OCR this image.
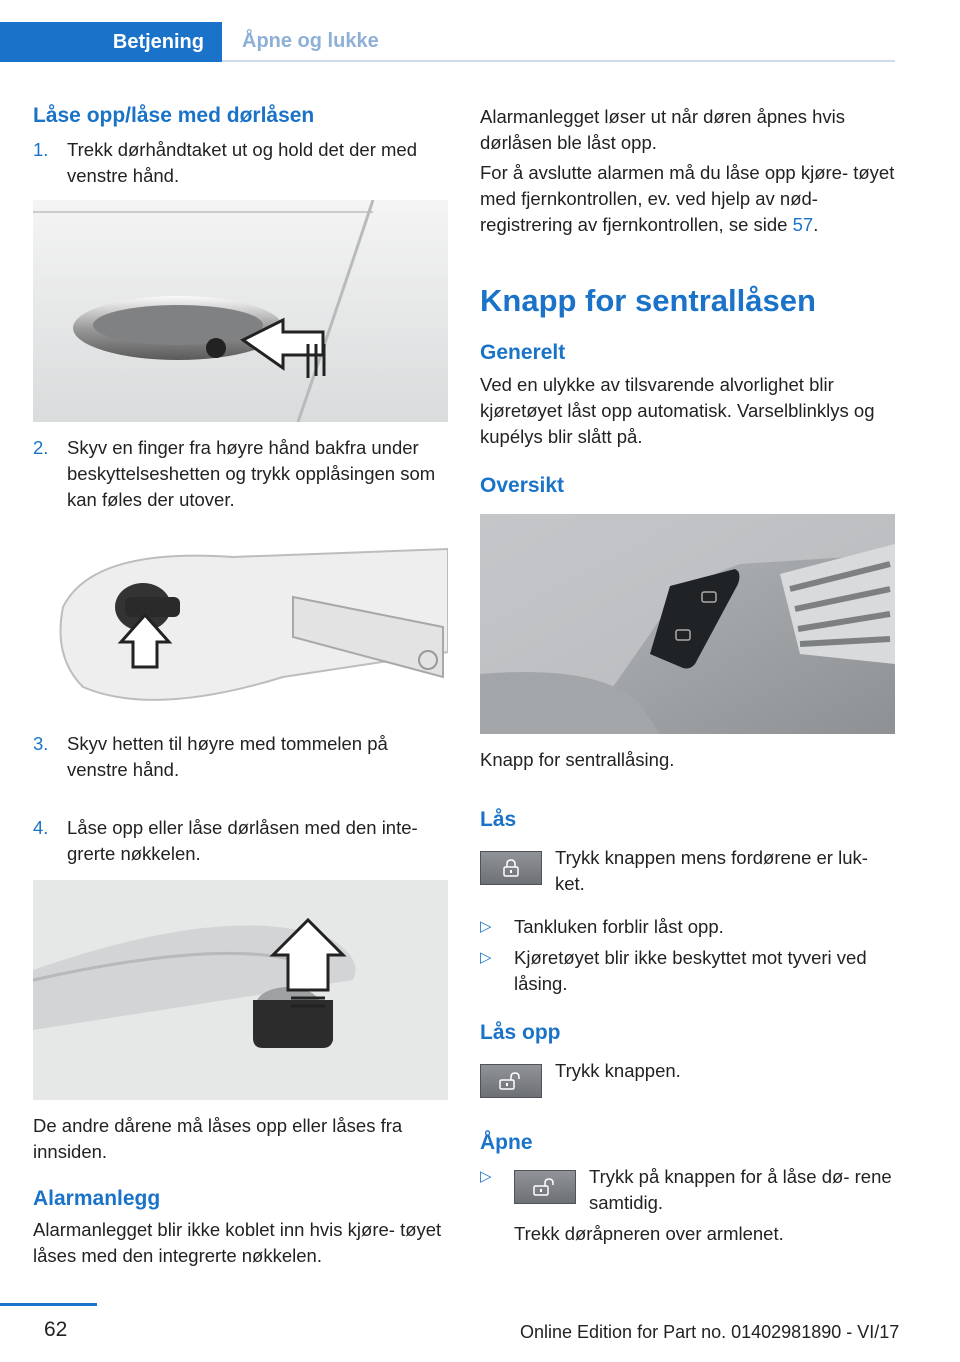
Betjening	Åpne og lukke
Låse opp/låse med dørlåsen
1.	Trekk dørhåndtaket ut og hold det der med venstre hånd.
2.	Skyv en finger fra høyre hånd bakfra under beskyttelseshetten og trykk opplåsingen som kan føles der utover.
3.	Skyv hetten til høyre med tommelen på venstre hånd.
4.	Låse opp eller låse dørlåsen med den inte‐ grerte nøkkelen.

De andre dårene må låses opp eller låses fra innsiden.

Alarmanlegg

Alarmanlegget blir ikke koblet inn hvis kjøre‐ tøyet låses med den integrerte nøkkelen.

Alarmanlegget løser ut når døren åpnes hvis dørlåsen ble låst opp.

For å avslutte alarmen må du låse opp kjøre‐ tøyet med fjernkontrollen, ev. ved hjelp av nød‐ registrering av fjernkontrollen, se side 57.

Knapp for sentrallåsen
Generelt

Ved en ulykke av tilsvarende alvorlighet blir kjøretøyet låst opp automatisk. Varselblinklys og kupélys blir slått på.

Oversikt

Knapp for sentrallåsing.

Lås

Trykk knappen mens fordørene er luk‐ ket.

▷	Tankluken forblir låst opp.
▷	Kjøretøyet blir ikke beskyttet mot tyveri ved låsing.
Lås opp

Trykk knappen.

Åpne
▷	Trykk på knappen for å låse dø‐ rene samtidig.

Trekk døråpneren over armlenet.

62	Online Edition for Part no. 01402981890 - VI/17
